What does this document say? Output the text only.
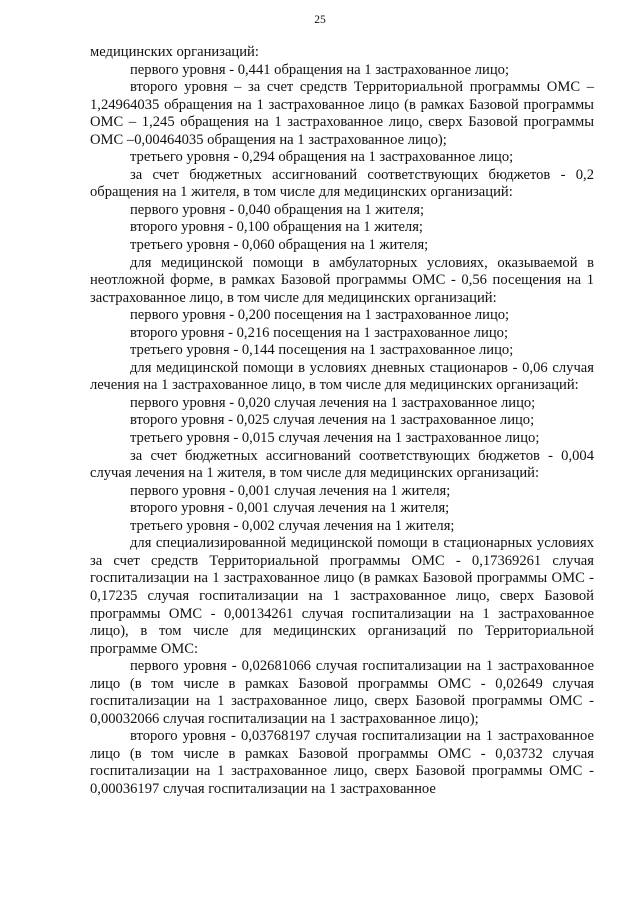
25

медицинских организаций:

первого уровня - 0,441 обращения на 1 застрахованное лицо;

второго уровня – за счет средств Территориальной программы ОМС – 1,24964035 обращения на 1 застрахованное лицо (в рамках Базовой программы ОМС – 1,245 обращения на 1 застрахованное лицо, сверх Базовой программы ОМС –0,00464035 обращения на 1 застрахованное лицо);

третьего уровня - 0,294 обращения на 1 застрахованное лицо;

за счет бюджетных ассигнований соответствующих бюджетов - 0,2 обращения на 1 жителя, в том числе для медицинских организаций:

первого уровня - 0,040 обращения на 1 жителя;

второго уровня - 0,100 обращения на 1 жителя;

третьего уровня - 0,060 обращения на 1 жителя;

для медицинской помощи в амбулаторных условиях, оказываемой в неотложной форме, в рамках Базовой программы ОМС - 0,56 посещения на 1 застрахованное лицо, в том числе для медицинских организаций:

первого уровня - 0,200 посещения на 1 застрахованное лицо;

второго уровня - 0,216 посещения на 1 застрахованное лицо;

третьего уровня - 0,144 посещения на 1 застрахованное лицо;

для медицинской помощи в условиях дневных стационаров - 0,06 случая лечения на 1 застрахованное лицо, в том числе для медицинских организаций:

первого уровня - 0,020 случая лечения на 1 застрахованное лицо;

второго уровня - 0,025 случая лечения на 1 застрахованное лицо;

третьего уровня - 0,015 случая лечения на 1 застрахованное лицо;

за счет бюджетных ассигнований соответствующих бюджетов - 0,004 случая лечения на 1 жителя, в том числе для медицинских организаций:

первого уровня - 0,001 случая лечения на 1 жителя;

второго уровня - 0,001 случая лечения на 1 жителя;

третьего уровня - 0,002 случая лечения на 1 жителя;

для специализированной медицинской помощи в стационарных условиях за счет средств Территориальной программы ОМС - 0,17369261 случая госпитализации на 1 застрахованное лицо (в рамках Базовой программы ОМС - 0,17235 случая госпитализации на 1 застрахованное лицо, сверх Базовой программы ОМС - 0,00134261 случая госпитализации на 1 застрахованное лицо), в том числе для медицинских организаций по Территориальной программе ОМС:

первого уровня - 0,02681066 случая госпитализации на 1 застрахованное лицо (в том числе в рамках Базовой программы ОМС - 0,02649 случая госпитализации на 1 застрахованное лицо, сверх Базовой программы ОМС - 0,00032066 случая госпитализации на 1 застрахованное лицо);

второго уровня - 0,03768197 случая госпитализации на 1 застрахованное лицо (в том числе в рамках Базовой программы ОМС - 0,03732 случая госпитализации на 1 застрахованное лицо, сверх Базовой программы ОМС - 0,00036197 случая госпитализации на 1 застрахованное
